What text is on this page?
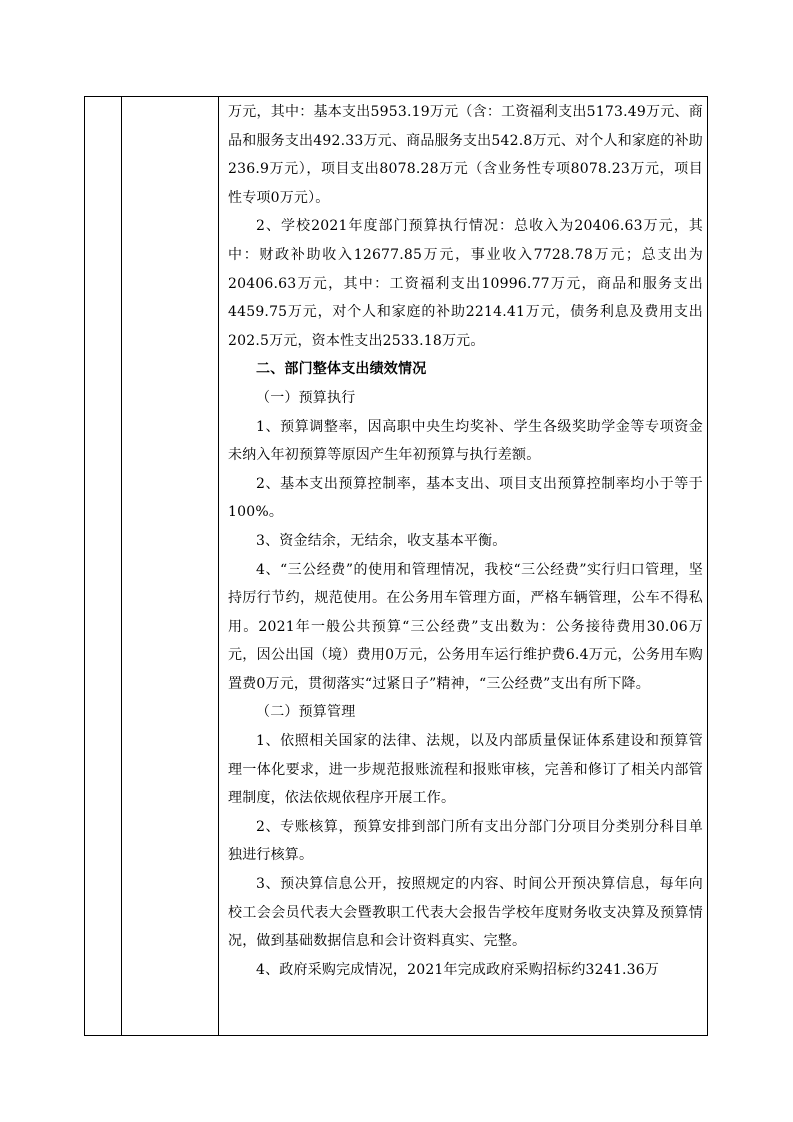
万元，其中：基本支出5953.19万元（含：工资福利支出5173.49万元、商品和服务支出492.33万元、商品服务支出542.8万元、对个人和家庭的补助236.9万元），项目支出8078.28万元（含业务性专项8078.23万元，项目性专项0万元）。

2、学校2021年度部门预算执行情况：总收入为20406.63万元，其中：财政补助收入12677.85万元，事业收入7728.78万元；总支出为20406.63万元，其中：工资福利支出10996.77万元，商品和服务支出4459.75万元，对个人和家庭的补助2214.41万元，债务利息及费用支出202.5万元，资本性支出2533.18万元。

二、部门整体支出绩效情况

（一）预算执行

1、预算调整率，因高职中央生均奖补、学生各级奖助学金等专项资金未纳入年初预算等原因产生年初预算与执行差额。

2、基本支出预算控制率，基本支出、项目支出预算控制率均小于等于100%。

3、资金结余，无结余，收支基本平衡。

4、“三公经费”的使用和管理情况，我校“三公经费”实行归口管理，坚持厉行节约，规范使用。在公务用车管理方面，严格车辆管理，公车不得私用。2021年一般公共预算“三公经费”支出数为：公务接待费用30.06万元，因公出国（境）费用0万元，公务用车运行维护费6.4万元，公务用车购置费0万元，贯彻落实“过紧日子”精神，“三公经费”支出有所下降。

（二）预算管理

1、依照相关国家的法律、法规，以及内部质量保证体系建设和预算管理一体化要求，进一步规范报账流程和报账审核，完善和修订了相关内部管理制度，依法依规依程序开展工作。

2、专账核算，预算安排到部门所有支出分部门分项目分类别分科目单独进行核算。

3、预决算信息公开，按照规定的内容、时间公开预决算信息，每年向校工会会员代表大会暨教职工代表大会报告学校年度财务收支决算及预算情况，做到基础数据信息和会计资料真实、完整。

4、政府采购完成情况，2021年完成政府采购招标约3241.36万
